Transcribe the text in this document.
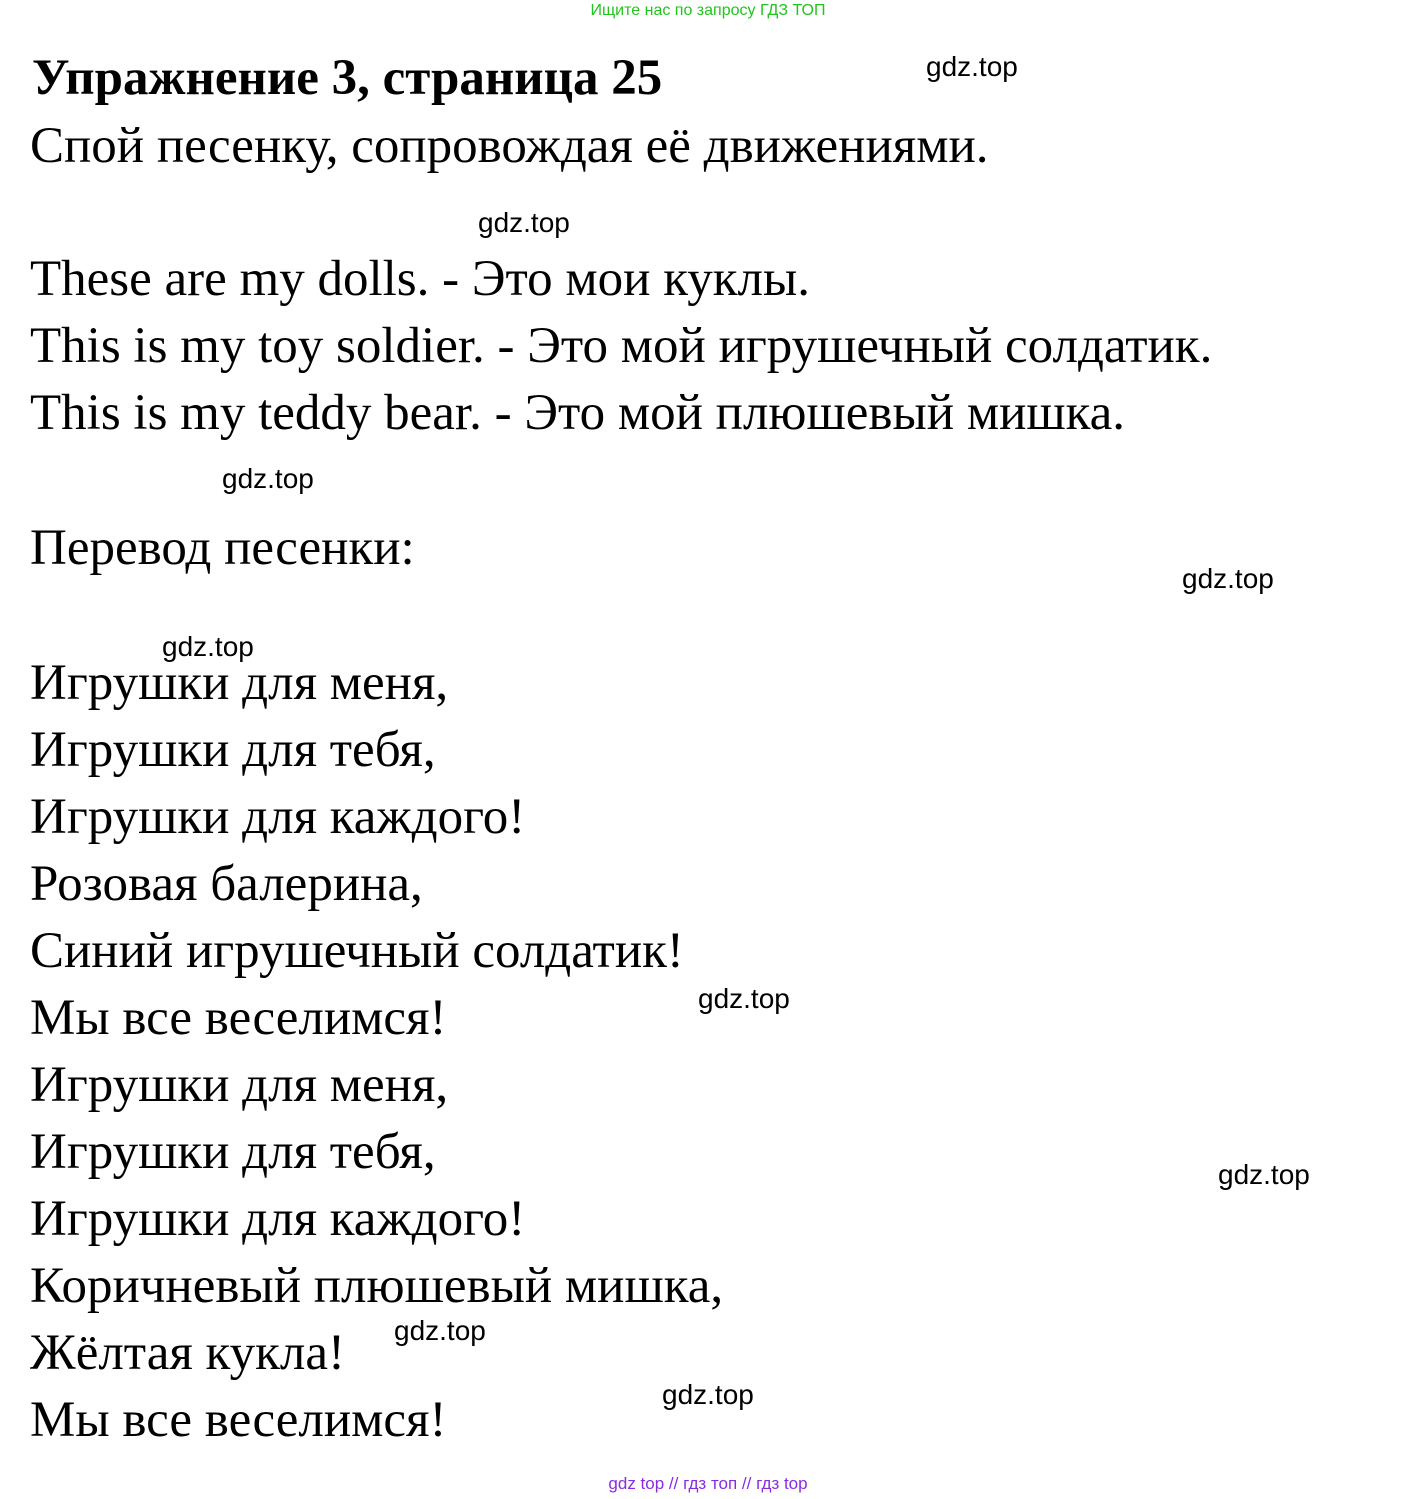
Ищите нас по запросу ГДЗ ТОП
Упражнение 3, страница 25
Спой песенку, сопровождая её движениями.
These are my dolls. - Это мои куклы.
This is my toy soldier. - Это мой игрушечный солдатик.
This is my teddy bear. - Это мой плюшевый мишка.
Перевод песенки:
Игрушки для меня,
Игрушки для тебя,
Игрушки для каждого!
Розовая балерина,
Синий игрушечный солдатик!
Мы все веселимся!
Игрушки для меня,
Игрушки для тебя,
Игрушки для каждого!
Коричневый плюшевый мишка,
Жёлтая кукла!
Мы все веселимся!
gdz.top
gdz.top
gdz.top
gdz.top
gdz.top
gdz.top
gdz.top
gdz.top
gdz.top
gdz top // гдз топ // гдз top
